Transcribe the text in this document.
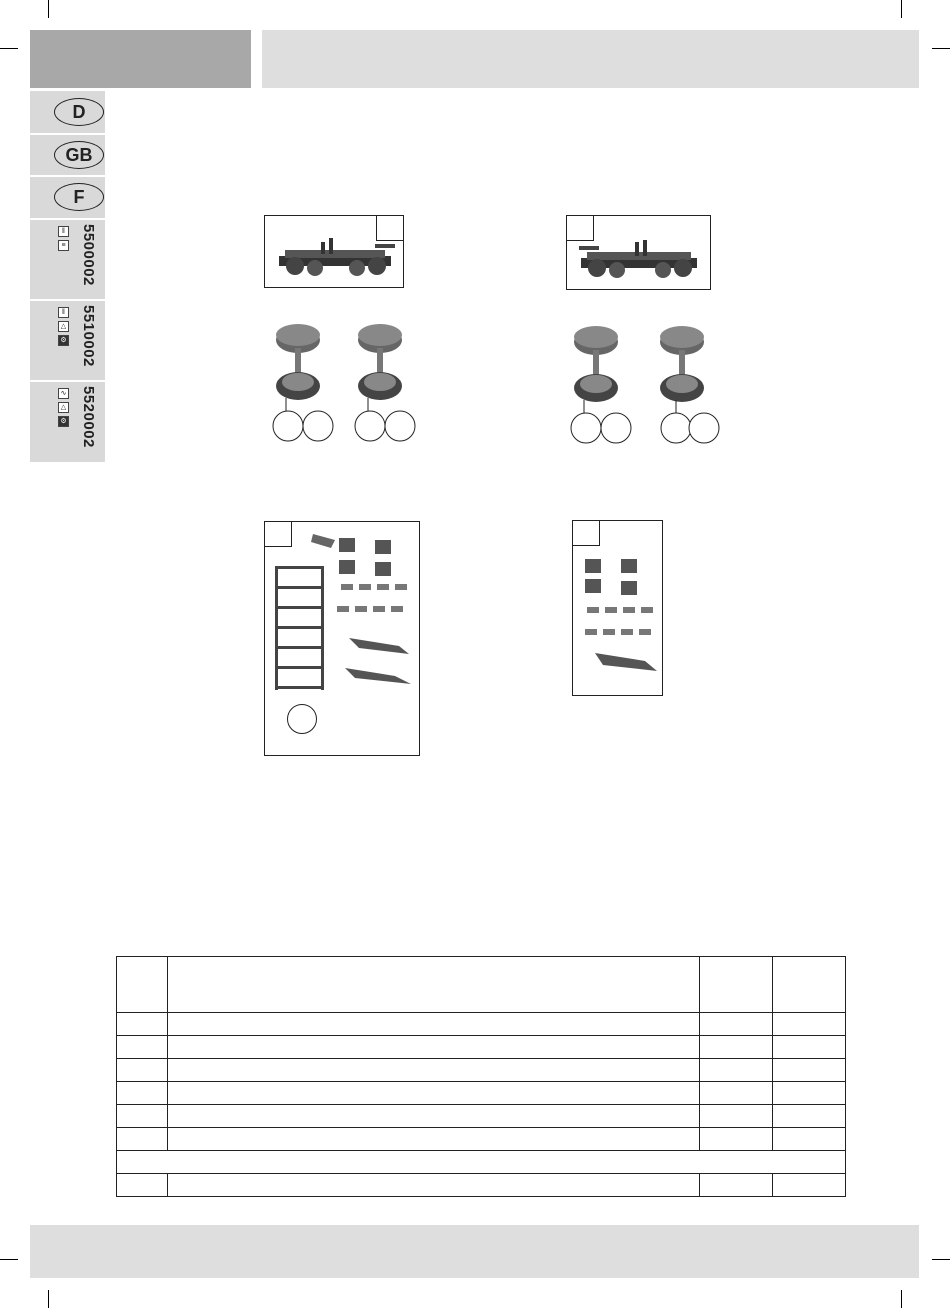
D
GB
F
‖
≡ 5500002
‖
△
⚙ 5510002
∿
△
⚙ 5520002
